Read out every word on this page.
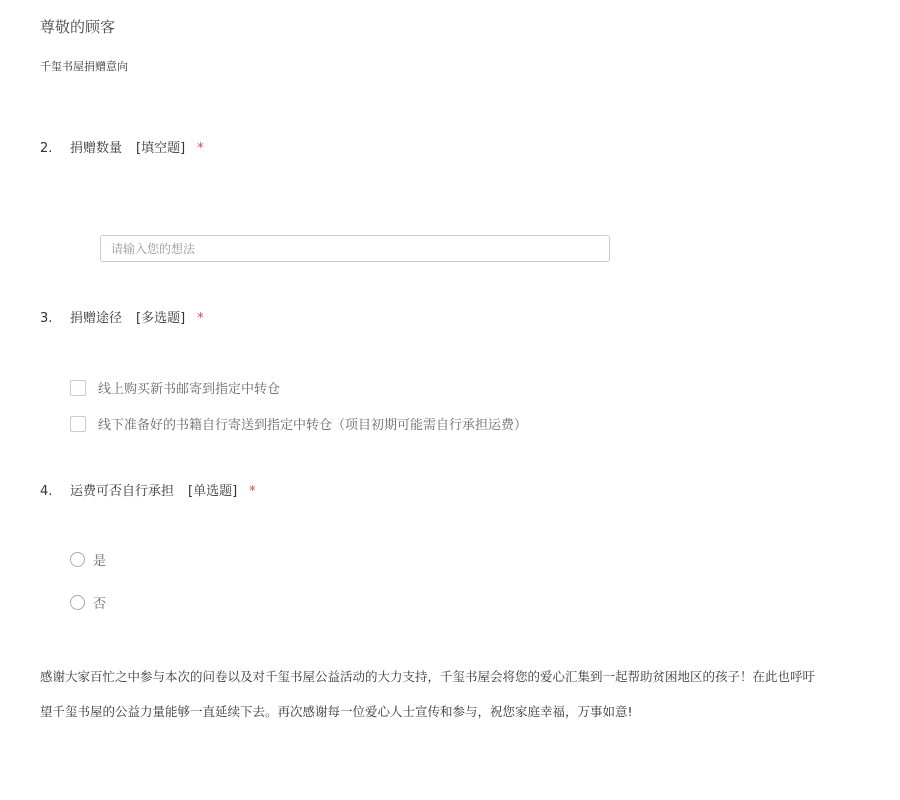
尊敬的顾客
千玺书屋捐赠意向
2. 捐赠数量 [填空题] *
请输入您的想法
3. 捐赠途径 [多选题] *
线上购买新书邮寄到指定中转仓
线下准备好的书籍自行寄送到指定中转仓（项目初期可能需自行承担运费）
4. 运费可否自行承担 [单选题] *
是
否
感谢大家百忙之中参与本次的问卷以及对千玺书屋公益活动的大力支持，千玺书屋会将您的爱心汇集到一起帮助贫困地区的孩子！在此也呼吁
望千玺书屋的公益力量能够一直延续下去。再次感谢每一位爱心人士宣传和参与，祝您家庭幸福，万事如意!
